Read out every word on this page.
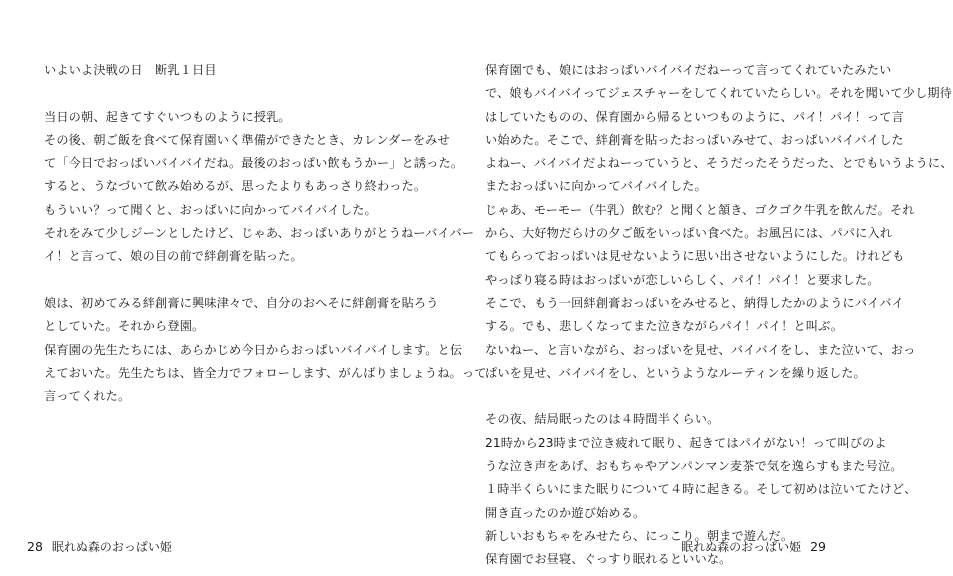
いよいよ決戦の日　断乳１日目
当日の朝、起きてすぐいつものように授乳。
その後、朝ご飯を食べて保育園いく準備ができたとき、カレンダーをみせ
て「今日でおっぱいバイバイだね。最後のおっぱい飲もうかー」と誘った。
すると、うなづいて飲み始めるが、思ったよりもあっさり終わった。
もういい？って聞くと、おっぱいに向かってバイバイした。
それをみて少しジーンとしたけど、じゃあ、おっぱいありがとうねーバイバー
イ！と言って、娘の目の前で絆創膏を貼った。
娘は、初めてみる絆創膏に興味津々で、自分のおへそに絆創膏を貼ろう
としていた。それから登園。
保育園の先生たちには、あらかじめ今日からおっぱいバイバイします。と伝
えておいた。先生たちは、皆全力でフォローします、がんばりましょうね。って
言ってくれた。
28 眠れぬ森のおっぱい姫
保育園でも、娘にはおっぱいバイバイだねーって言ってくれていたみたい
で、娘もバイバイってジェスチャーをしてくれていたらしい。それを聞いて少し期待
はしていたものの、保育園から帰るといつものように、パイ！パイ！って言
い始めた。そこで、絆創膏を貼ったおっぱいみせて、おっぱいバイバイした
よねー、バイバイだよねーっていうと、そうだったそうだった、とでもいうように、
またおっぱいに向かってバイバイした。
じゃあ、モーモー（牛乳）飲む？と聞くと頷き、ゴクゴク牛乳を飲んだ。それ
から、大好物だらけの夕ご飯をいっぱい食べた。お風呂には、パパに入れ
てもらっておっぱいは見せないように思い出させないようにした。けれども
やっぱり寝る時はおっぱいが恋しいらしく、パイ！パイ！と要求した。
そこで、もう一回絆創膏おっぱいをみせると、納得したかのようにバイバイ
する。でも、悲しくなってまた泣きながらパイ！パイ！と叫ぶ。
ないねー、と言いながら、おっぱいを見せ、バイバイをし、また泣いて、おっ
ぱいを見せ、バイバイをし、というようなルーティンを繰り返した。
その夜、結局眠ったのは４時間半くらい。
21時から23時まで泣き疲れて眠り、起きてはパイがない！って叫びのよ
うな泣き声をあげ、おもちゃやアンパンマン麦茶で気を逸らすもまた号泣。
１時半くらいにまた眠りについて４時に起きる。そして初めは泣いてたけど、
開き直ったのか遊び始める。
新しいおもちゃをみせたら、にっこり。朝まで遊んだ。
保育園でお昼寝、ぐっすり眠れるといいな。
眠れぬ森のおっぱい姫 29
